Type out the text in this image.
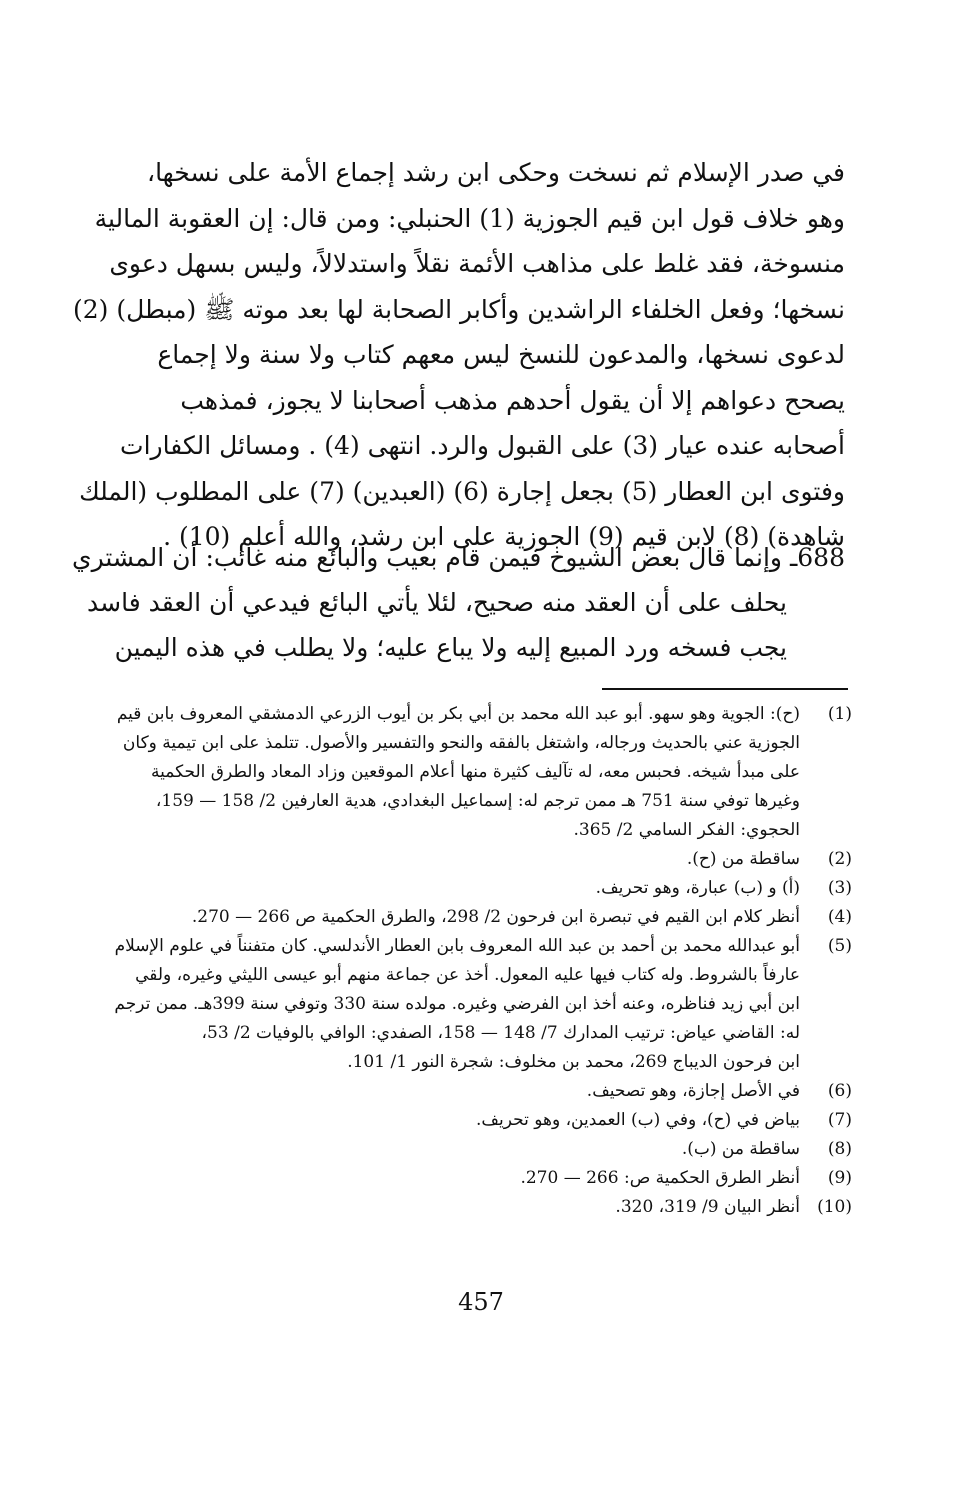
في صدر الإسلام ثم نسخت وحكى ابن رشد إجماع الأمة على نسخها،
وهو خلاف قول ابن قيم الجوزية (1) الحنبلي: ومن قال: إن العقوبة المالية
منسوخة، فقد غلط على مذاهب الأئمة نقلاً واستدلالاً، وليس بسهل دعوى
نسخها؛ وفعل الخلفاء الراشدين وأكابر الصحابة لها بعد موته ﷺ (مبطل) (2)
لدعوى نسخها، والمدعون للنسخ ليس معهم كتاب ولا سنة ولا إجماع
يصحح دعواهم إلا أن يقول أحدهم مذهب أصحابنا لا يجوز، فمذهب
أصحابه عنده عيار (3) على القبول والرد. انتهى (4) . ومسائل الكفارات
وفتوى ابن العطار (5) بجعل إجارة (6) (العبدين) (7) على المطلوب (الملك
شاهدة) (8) لابن قيم (9) الجوزية على ابن رشد، والله أعلم (10) .
688ـ وإنما قال بعض الشيوخ فيمن قام بعيب والبائع منه غائب: أن المشتري
يحلف على أن العقد منه صحيح، لئلا يأتي البائع فيدعي أن العقد فاسد
يجب فسخه ورد المبيع إليه ولا يباع عليه؛ ولا يطلب في هذه اليمين
(1)
(ح): الجوية وهو سهو. أبو عبد الله محمد بن أبي بكر بن أيوب الزرعي الدمشقي المعروف بابن قيم
الجوزية عني بالحديث ورجاله، واشتغل بالفقه والنحو والتفسير والأصول. تتلمذ على ابن تيمية وكان
على مبدأ شيخه. فحبس معه، له تآليف كثيرة منها أعلام الموقعين وزاد المعاد والطرق الحكمية
وغيرها توفي سنة 751 هـ ممن ترجم له: إسماعيل البغدادي، هدية العارفين 2/ 158 — 159،
الحجوي: الفكر السامي 2/ 365.
(2)
ساقطة من (ح).
(3)
(أ) و (ب) عبارة، وهو تحريف.
(4)
أنظر كلام ابن القيم في تبصرة ابن فرحون 2/ 298، والطرق الحكمية ص 266 — 270.
(5)
أبو عبدالله محمد بن أحمد بن عبد الله المعروف بابن العطار الأندلسي. كان متفنناً في علوم الإسلام
عارفاً بالشروط. وله كتاب فيها عليه المعول. أخذ عن جماعة منهم أبو عيسى الليثي وغيره، ولقي
ابن أبي زيد فناظره، وعنه أخذ ابن الفرضي وغيره. مولده سنة 330 وتوفي سنة 399هـ. ممن ترجم
له: القاضي عياض: ترتيب المدارك 7/ 148 — 158، الصفدي: الوافي بالوفيات 2/ 53،
ابن فرحون الديباج 269، محمد بن مخلوف: شجرة النور 1/ 101.
(6)
في الأصل إجازة، وهو تصحيف.
(7)
بياض في (ح)، وفي (ب) العمدين، وهو تحريف.
(8)
ساقطة من (ب).
(9)
أنظر الطرق الحكمية ص: 266 — 270.
(10)
أنظر البيان 9/ 319، 320.
457
